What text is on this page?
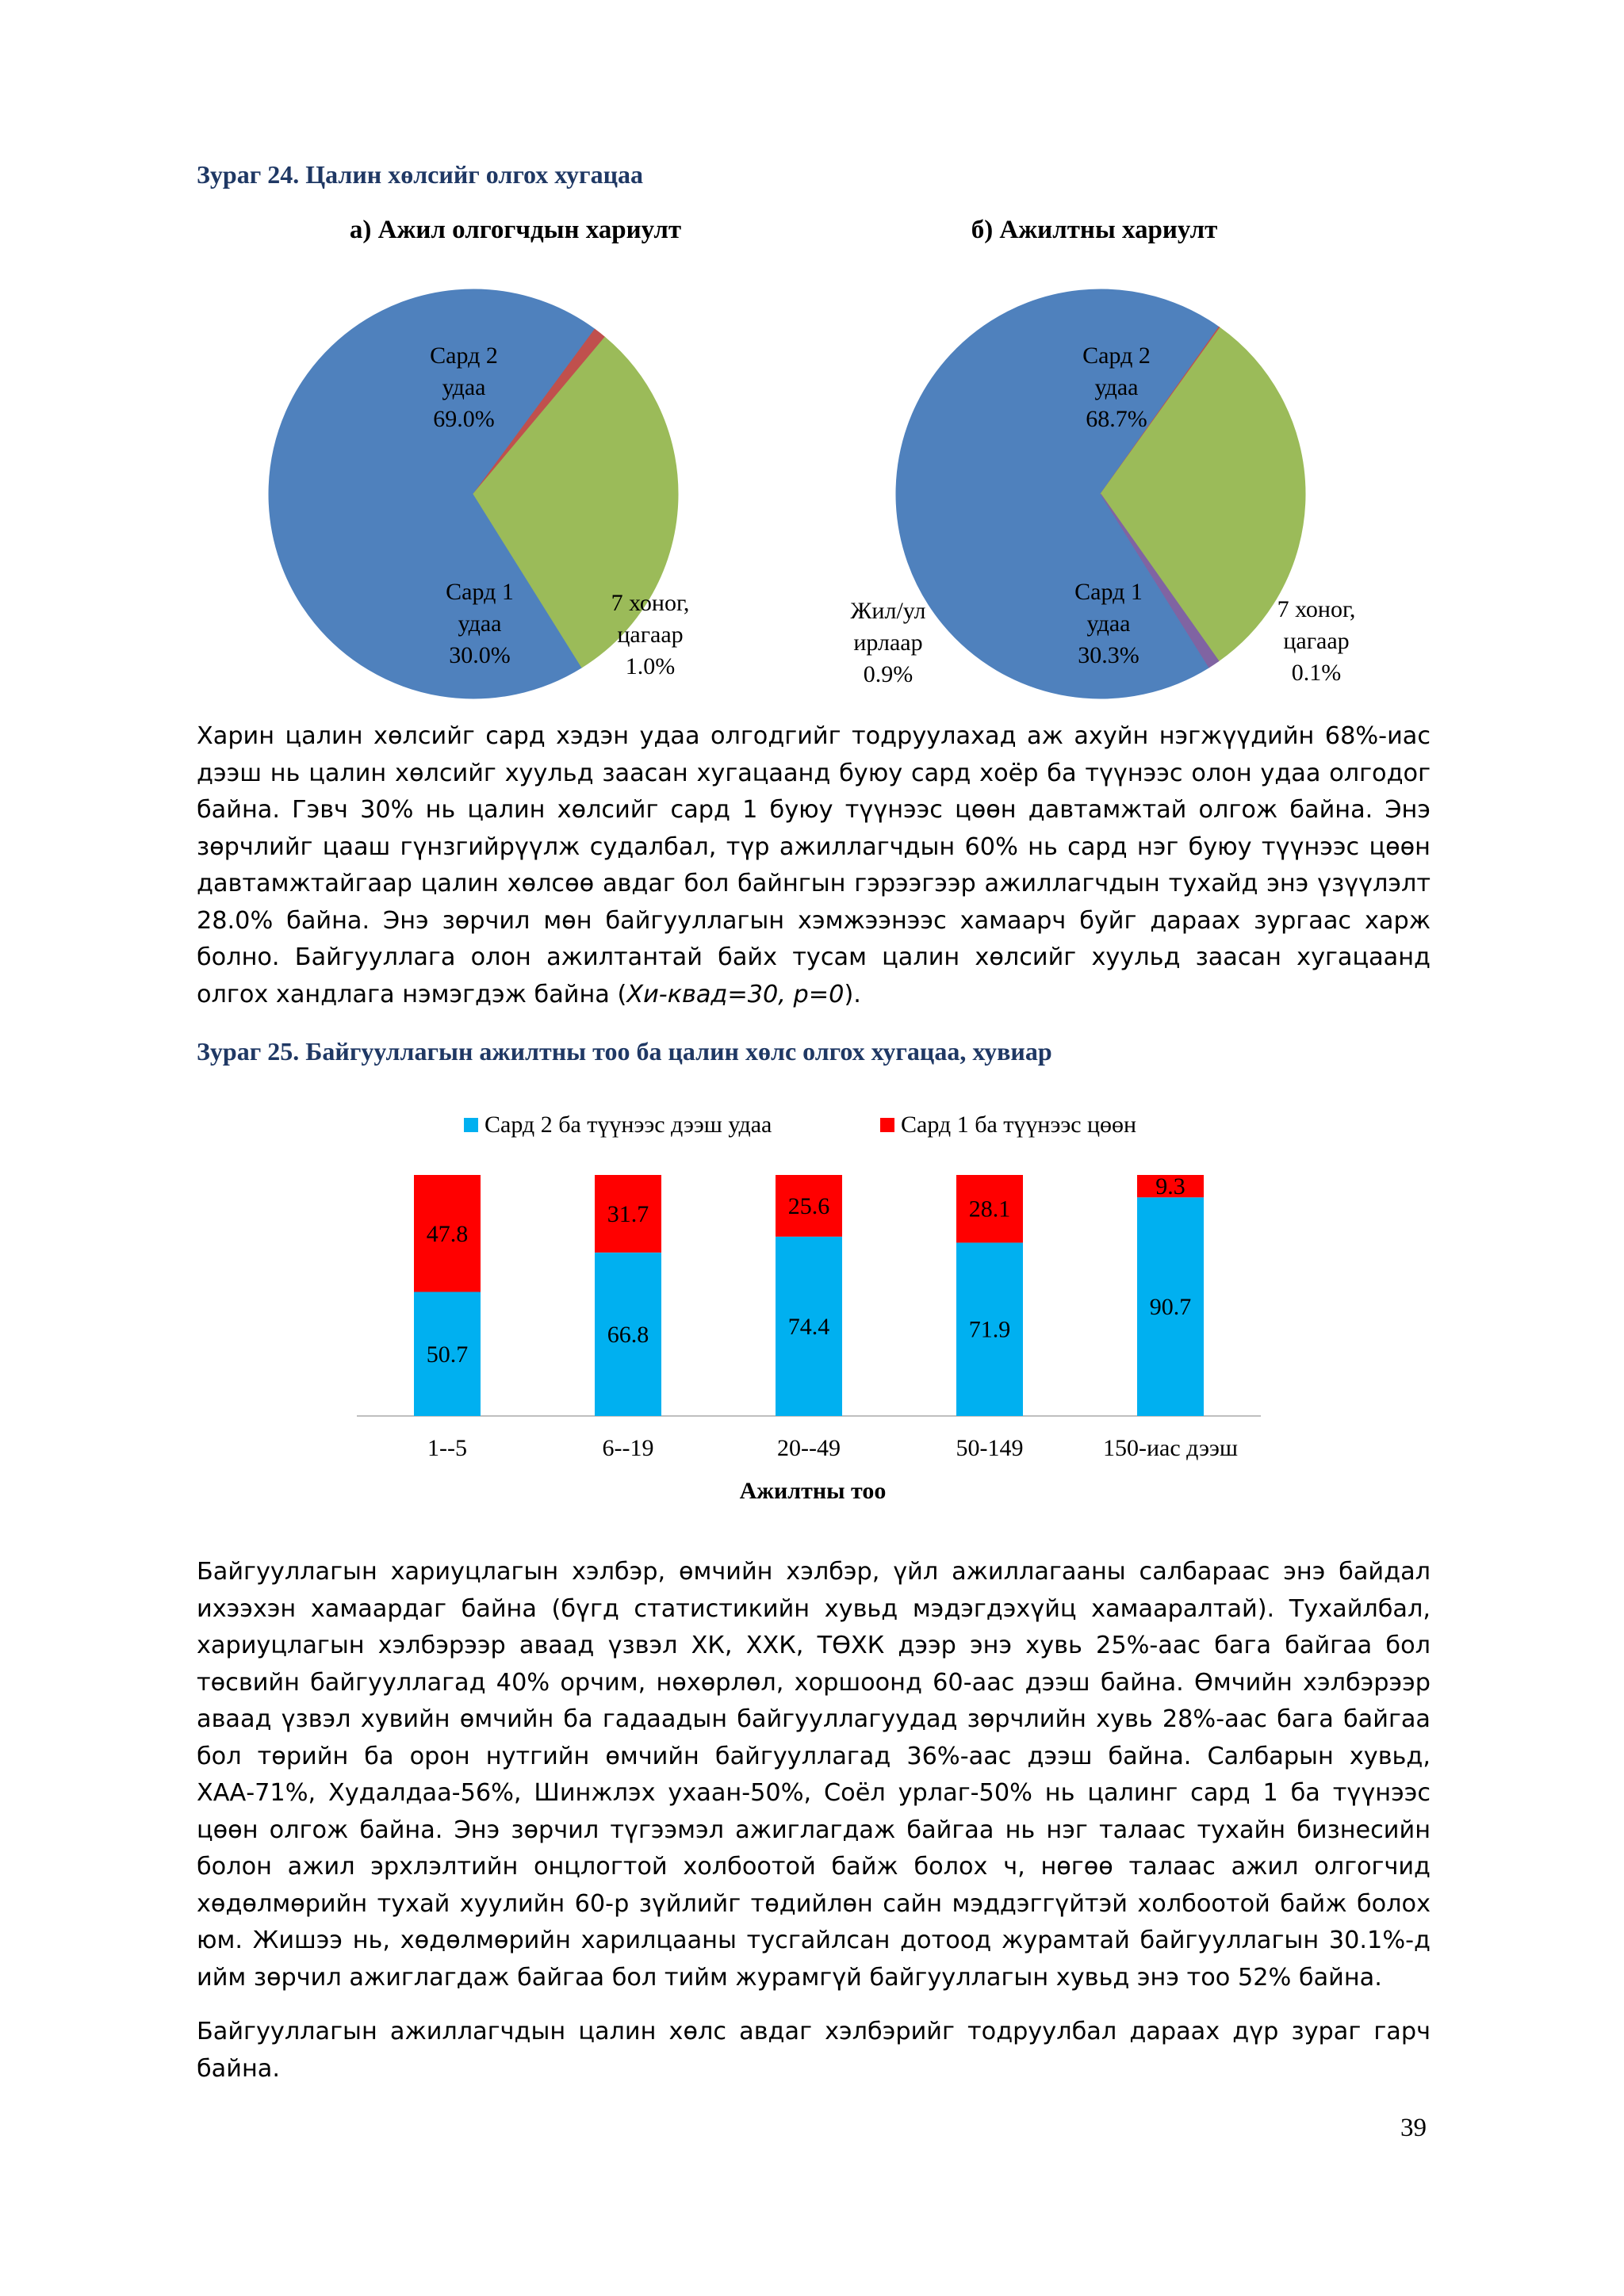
Зураг 24. Цалин хөлсийг олгох хугацаа
а) Ажил олгогчдын хариулт	б) Ажилтны хариулт
Сард 2 удаа 69.0%
7 хоног, цагаар 1.0%
Сард 1 удаа 30.0%
Сард 2 удаа 68.7%
7 хоног, цагаар 0.1%
Сард 1 удаа 30.3%
Жил/ул ирлаар 0.9%

Харин цалин хөлсийг сард хэдэн удаа олгодгийг тодруулахад аж ахуйн нэгжүүдийн 68%-иас дээш нь цалин хөлсийг хуульд заасан хугацаанд буюу сард хоёр ба түүнээс олон удаа олгодог байна. Гэвч 30% нь цалин хөлсийг сард 1 буюу түүнээс цөөн давтамжтай олгож байна. Энэ зөрчлийг цааш гүнзгийрүүлж судалбал, түр ажиллагчдын 60% нь сард нэг буюу түүнээс цөөн давтамжтайгаар цалин хөлсөө авдаг бол байнгын гэрээгээр ажиллагчдын тухайд энэ үзүүлэлт 28.0% байна. Энэ зөрчил мөн байгууллагын хэмжээнээс хамаарч буйг дараах зургаас харж болно. Байгууллага олон ажилтантай байх тусам цалин хөлсийг хуульд заасан хугацаанд олгох хандлага нэмэгдэж байна (Хи-квад=30, p=0).

Зураг 25. Байгууллагын ажилтны тоо ба цалин хөлс олгох хугацаа, хувиар
Сард 2 ба түүнээс дээш удаа	Сард 1 ба түүнээс цөөн
50.7
47.8
1--5
66.8
31.7
6--19
74.4
25.6
20--49
71.9
28.1
50-149
90.7
9.3
150-иас дээш
Ажилтны тоо

Байгууллагын хариуцлагын хэлбэр, өмчийн хэлбэр, үйл ажиллагааны салбараас энэ байдал ихээхэн хамаардаг байна (бүгд статистикийн хувьд мэдэгдэхүйц хамааралтай). Тухайлбал, хариуцлагын хэлбэрээр аваад үзвэл ХК, ХХК, ТӨХК дээр энэ хувь 25%-аас бага байгаа бол төсвийн байгууллагад 40% орчим, нөхөрлөл, хоршоонд 60-аас дээш байна. Өмчийн хэлбэрээр аваад үзвэл хувийн өмчийн ба гадаадын байгууллагуудад зөрчлийн хувь 28%-аас бага байгаа бол төрийн ба орон нутгийн өмчийн байгууллагад 36%-аас дээш байна. Салбарын хувьд, ХАА-71%, Худалдаа-56%, Шинжлэх ухаан-50%, Соёл урлаг-50% нь цалинг сард 1 ба түүнээс цөөн олгож байна. Энэ зөрчил түгээмэл ажиглагдаж байгаа нь нэг талаас тухайн бизнесийн болон ажил эрхлэлтийн онцлогтой холбоотой байж болох ч, нөгөө талаас ажил олгогчид хөдөлмөрийн тухай хуулийн 60-р зүйлийг төдийлөн сайн мэддэггүйтэй холбоотой байж болох юм. Жишээ нь, хөдөлмөрийн харилцааны тусгайлсан дотоод журамтай байгууллагын 30.1%-д ийм зөрчил ажиглагдаж байгаа бол тийм журамгүй байгууллагын хувьд энэ тоо 52% байна.

Байгууллагын ажиллагчдын цалин хөлс авдаг хэлбэрийг тодруулбал дараах дүр зураг гарч байна.

39
